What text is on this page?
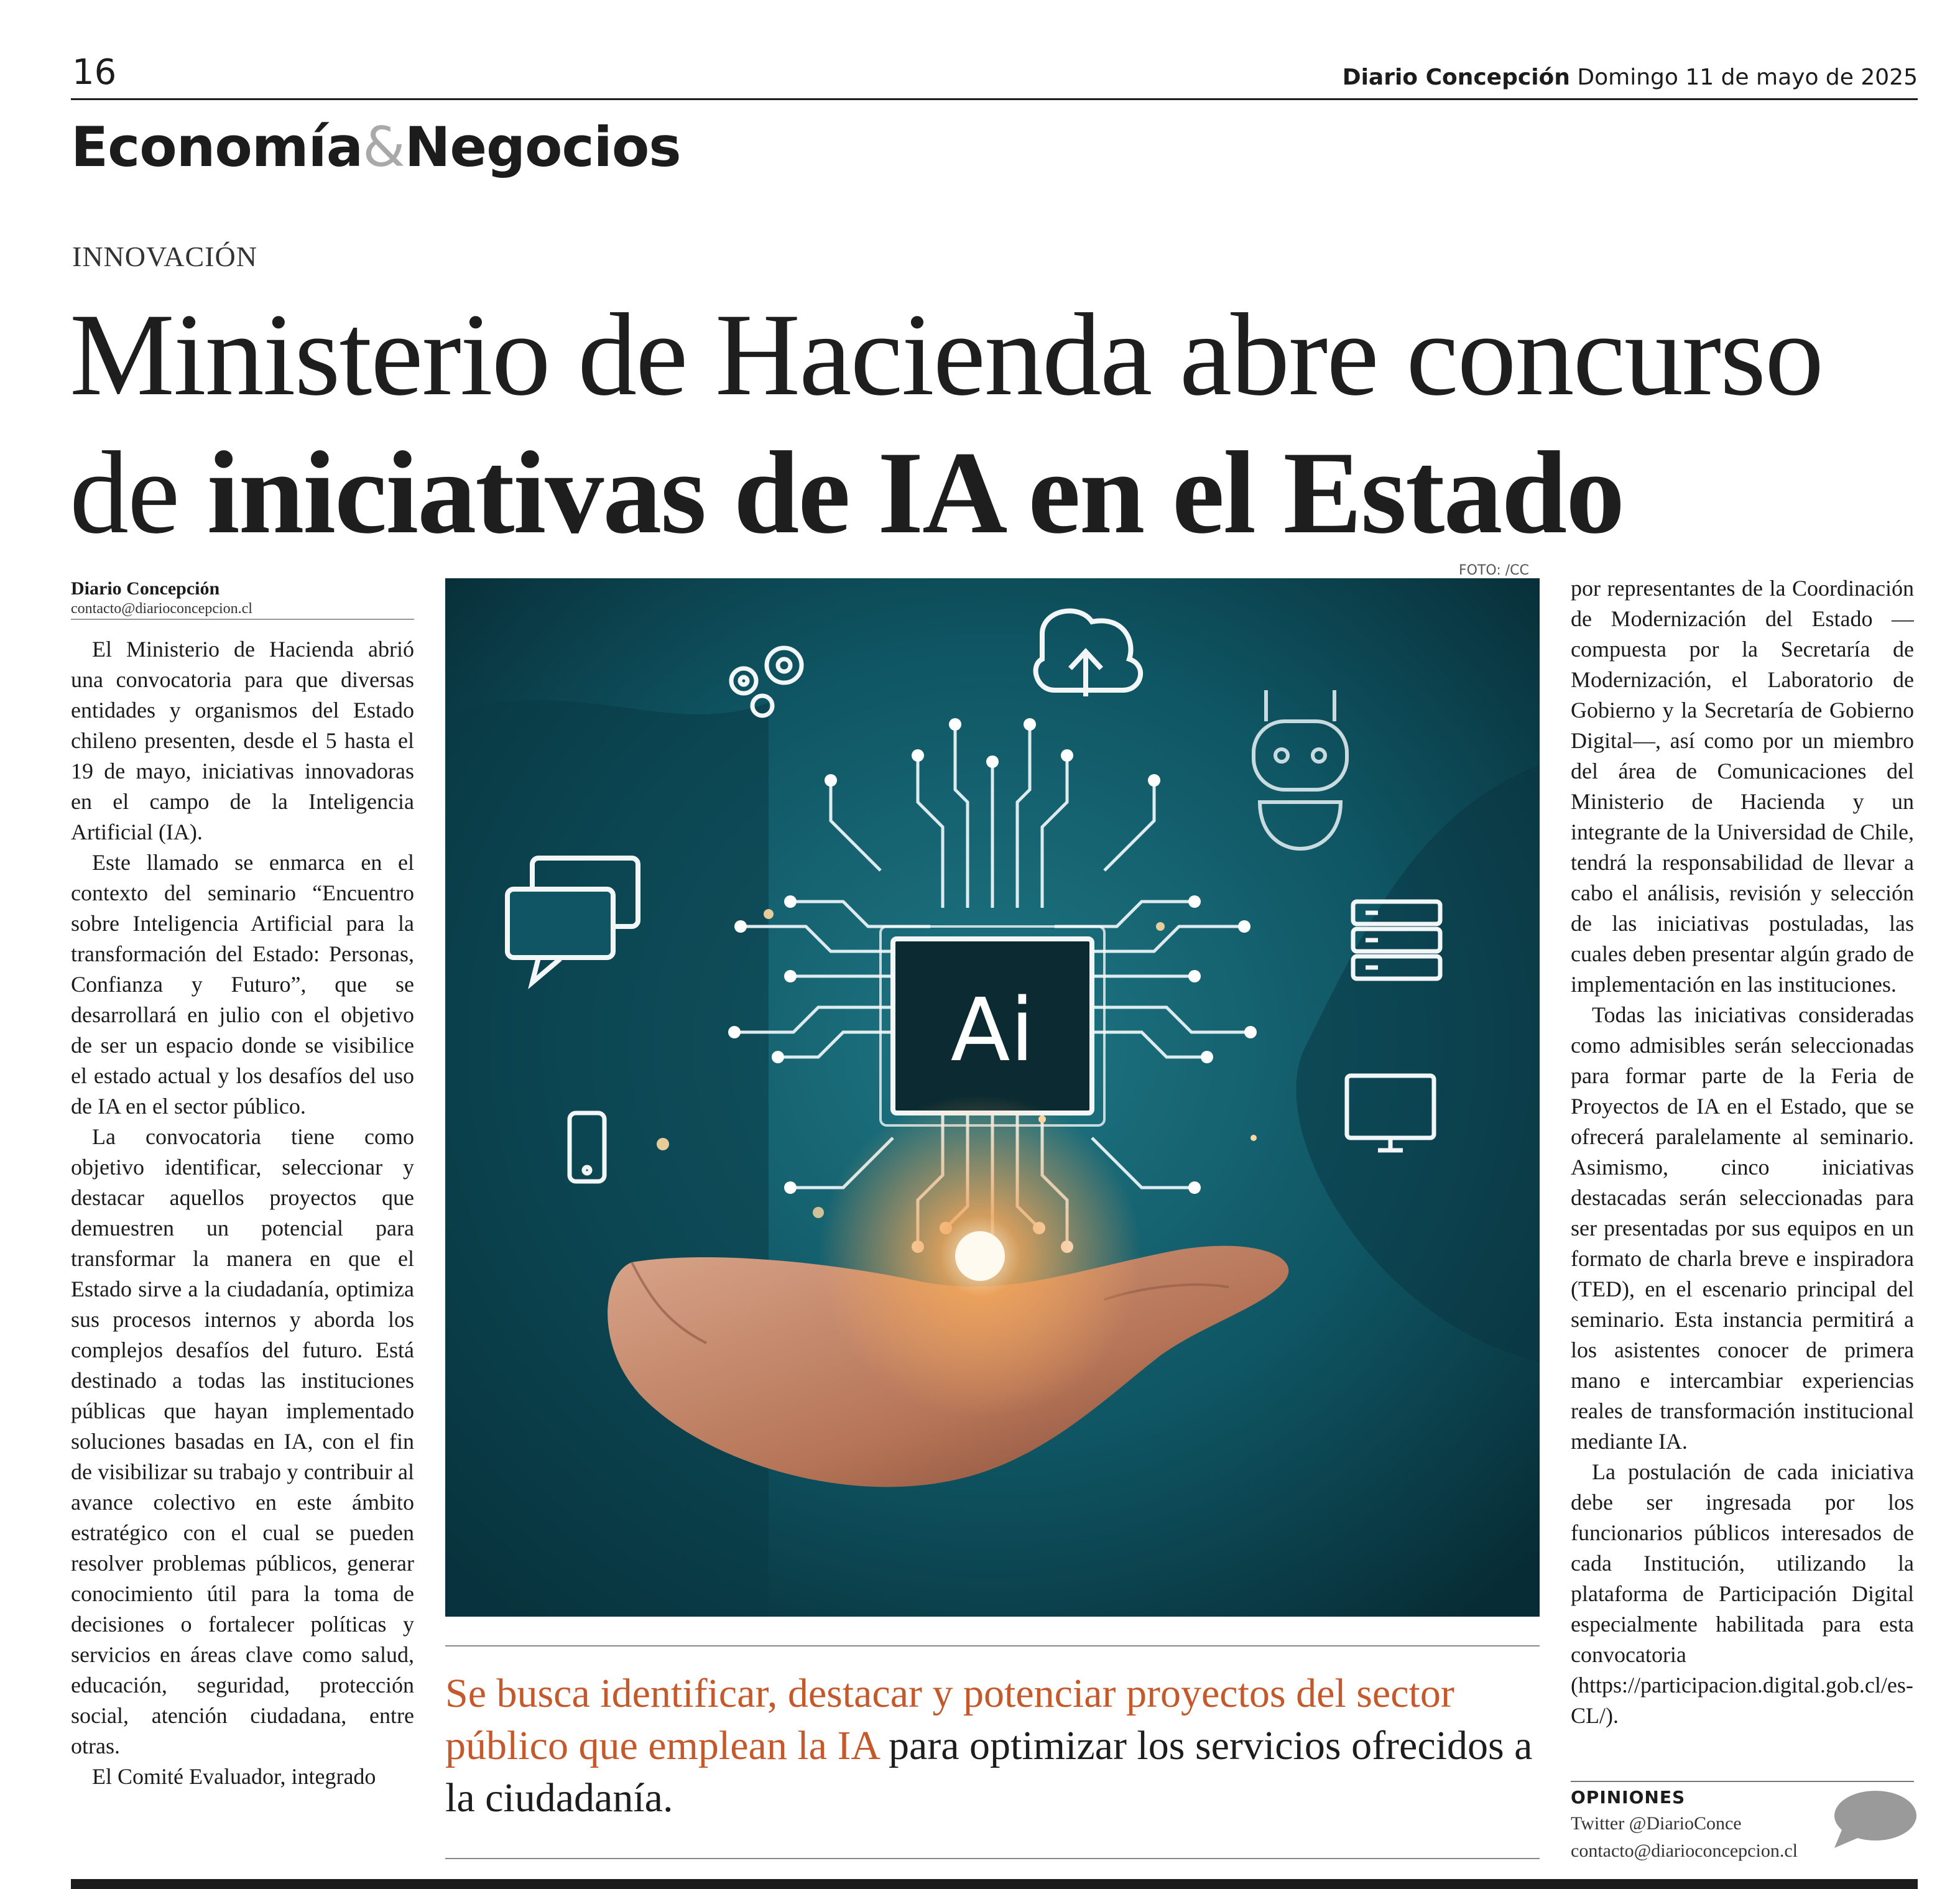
16	Diario Concepción Domingo 11 de mayo de 2025
Economía&Negocios
INNOVACIÓN
Ministerio de Hacienda abre concurso
de iniciativas de IA en el Estado
Diario Concepción
contacto@diarioconcepcion.cl

El Ministerio de Hacienda abrió una convocatoria para que diversas entidades y organismos del Estado chileno presenten, desde el 5 hasta el 19 de mayo, iniciativas innovadoras en el campo de la Inteligencia Artificial (IA).

Este llamado se enmarca en el contexto del seminario “Encuentro sobre Inteligencia Artificial para la transformación del Estado: Personas, Confianza y Futuro”, que se desarrollará en julio con el objetivo de ser un espacio donde se visibilice el estado actual y los desafíos del uso de IA en el sector público.

La convocatoria tiene como objetivo identificar, seleccionar y destacar aquellos proyectos que demuestren un potencial para transformar la manera en que el Estado sirve a la ciudadanía, optimiza sus procesos internos y aborda los complejos desafíos del futuro. Está destinado a todas las instituciones públicas que hayan implementado soluciones basadas en IA, con el fin de visibilizar su trabajo y contribuir al avance colectivo en este ámbito estratégico con el cual se pueden resolver problemas públicos, generar conocimiento útil para la toma de decisiones o fortalecer políticas y servicios en áreas clave como salud, educación, seguridad, protección social, atención ciudadana, entre otras.

El Comité Evaluador, integrado

FOTO: /CC
Ai

por representantes de la Coordinación de Modernización del Estado —compuesta por la Secretaría de Modernización, el Laboratorio de Gobierno y la Secretaría de Gobierno Digital—, así como por un miembro del área de Comunicaciones del Ministerio de Hacienda y un integrante de la Universidad de Chile, tendrá la responsabilidad de llevar a cabo el análisis, revisión y selección de las iniciativas postuladas, las cuales deben presentar algún grado de implementación en las instituciones.

Todas las iniciativas consideradas como admisibles serán seleccionadas para formar parte de la Feria de Proyectos de IA en el Estado, que se ofrecerá paralelamente al seminario. Asimismo, cinco iniciativas destacadas serán seleccionadas para ser presentadas por sus equipos en un formato de charla breve e inspiradora (TED), en el escenario principal del seminario. Esta instancia permitirá a los asistentes conocer de primera mano e intercambiar experiencias reales de transformación institucional mediante IA.

La postulación de cada iniciativa debe ser ingresada por los funcionarios públicos interesados de cada Institución, utilizando la plataforma de Participación Digital especialmente habilitada para esta convocatoria (https://participacion.digital.gob.cl/es-CL/).

Se busca identificar, destacar y potenciar proyectos del sector público que emplean la IA para optimizar los servicios ofrecidos a la ciudadanía.	OPINIONES
Twitter @DiarioConce
contacto@diarioconcepcion.cl
